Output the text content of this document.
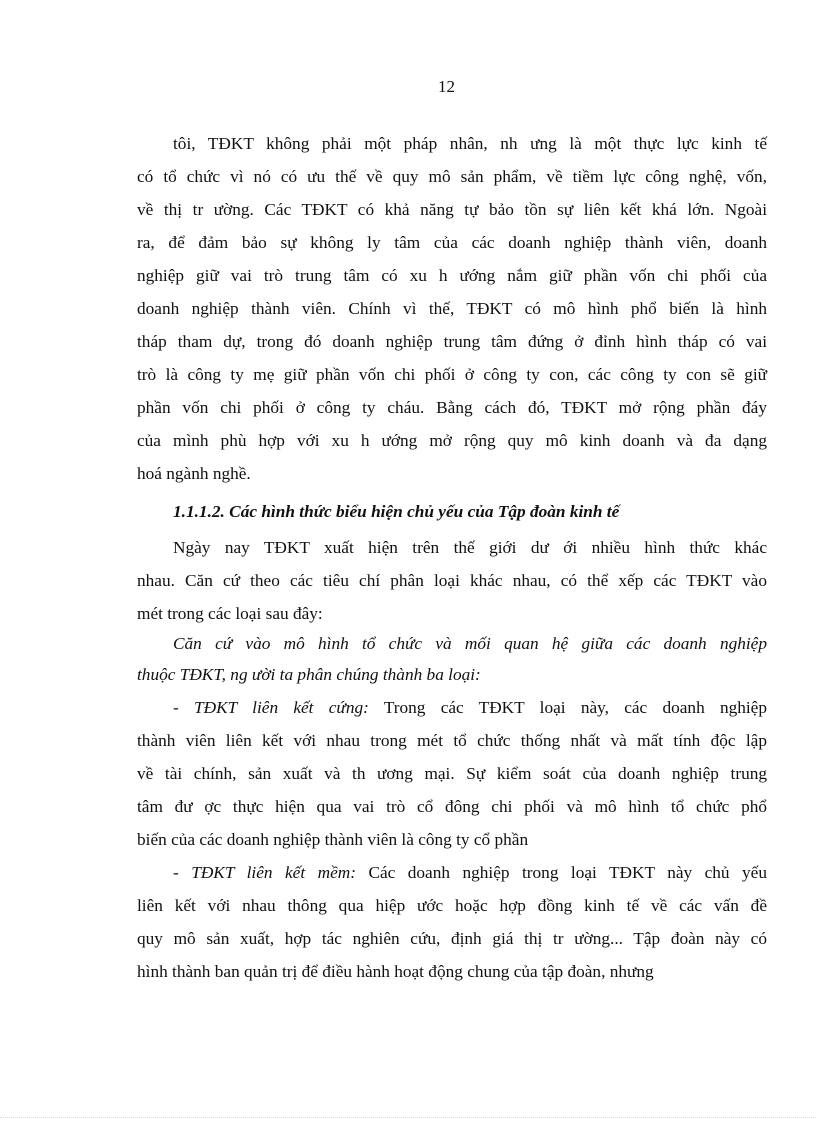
12
tôi, TĐKT không phải một pháp nhân, nh ưng là một thực lực kinh tế
có tổ chức vì nó có ưu thế về quy mô sản phẩm, về tiềm lực công nghệ, vốn,
về thị tr ường. Các TĐKT có khả năng tự bảo tồn sự liên kết khá lớn. Ngoài
ra, để đảm bảo sự không ly tâm của các doanh nghiệp thành viên, doanh
nghiệp giữ vai trò trung tâm có xu h ướng nắm giữ phần vốn chi phối của
doanh nghiệp thành viên. Chính vì thế, TĐKT có mô hình phổ biến là hình
tháp tham dự, trong đó doanh nghiệp trung tâm đứng ở đỉnh hình tháp có vai
trò là công ty mẹ giữ phần vốn chi phối ở công ty con, các công ty con sẽ giữ
phần vốn chi phối ở công ty cháu. Bằng cách đó, TĐKT mở rộng phần đáy
của mình phù hợp với xu h ướng mở rộng quy mô kinh doanh và đa dạng
hoá ngành nghề.
1.1.1.2. Các hình thức biểu hiện chủ yếu của Tập đoàn kinh tế
Ngày nay TĐKT xuất hiện trên thế giới dư ới nhiều hình thức khác
nhau. Căn cứ theo các tiêu chí phân loại khác nhau, có thể xếp các TĐKT vào
mét trong các loại sau đây:
Căn cứ vào mô hình tổ chức và mối quan hệ giữa các doanh nghiệp
thuộc TĐKT, ng ười ta phân chúng thành ba loại:
- TĐKT liên kết cứng: Trong các TĐKT loại này, các doanh nghiệp
thành viên liên kết với nhau trong mét tổ chức thống nhất và mất tính độc lập
về tài chính, sản xuất và th ương mại. Sự kiểm soát của doanh nghiệp trung
tâm đư ợc thực hiện qua vai trò cổ đông chi phối và mô hình tổ chức phổ
biến của các doanh nghiệp thành viên là công ty cổ phần
- TĐKT liên kết mềm: Các doanh nghiệp trong loại TĐKT này chủ yếu
liên kết với nhau thông qua hiệp ước hoặc hợp đồng kinh tế về các vấn đề
quy mô sản xuất, hợp tác nghiên cứu, định giá thị tr ường... Tập đoàn này có
hình thành ban quản trị để điều hành hoạt động chung của tập đoàn, nhưng
